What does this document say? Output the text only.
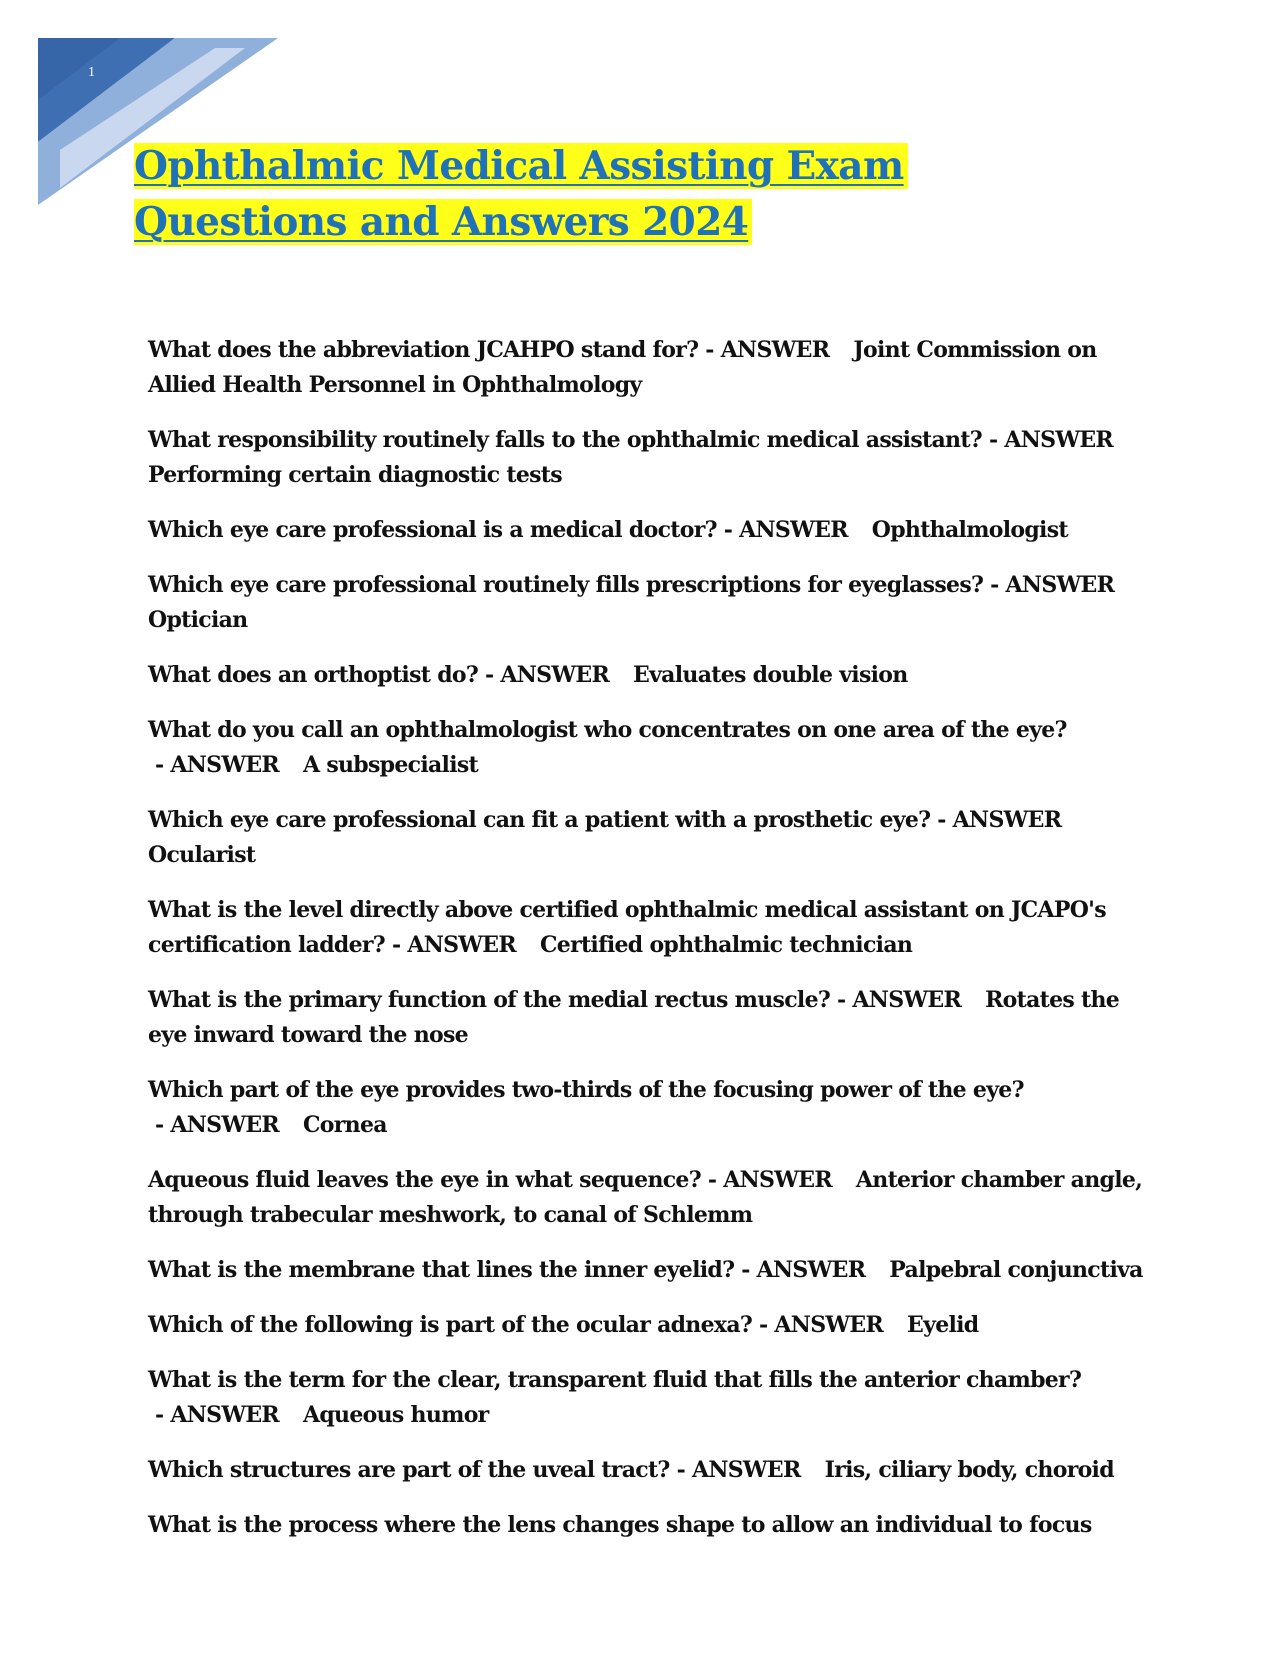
1
Ophthalmic Medical Assisting Exam
Questions and Answers 2024

What does the abbreviation JCAHPO stand for? - ANSWER Joint Commission on Allied Health Personnel in Ophthalmology

What responsibility routinely falls to the ophthalmic medical assistant? - ANSWERPerforming certain diagnostic tests

Which eye care professional is a medical doctor? - ANSWER Ophthalmologist

Which eye care professional routinely fills prescriptions for eyeglasses? - ANSWEROptician

What does an orthoptist do? - ANSWER Evaluates double vision

What do you call an ophthalmologist who concentrates on one area of the eye? - ANSWER A subspecialist

Which eye care professional can fit a patient with a prosthetic eye? - ANSWEROcularist

What is the level directly above certified ophthalmic medical assistant on JCAPO's certification ladder? - ANSWER Certified ophthalmic technician

What is the primary function of the medial rectus muscle? - ANSWER Rotates the eye inward toward the nose

Which part of the eye provides two-thirds of the focusing power of the eye? - ANSWER Cornea

Aqueous fluid leaves the eye in what sequence? - ANSWER Anterior chamber angle, through trabecular meshwork, to canal of Schlemm

What is the membrane that lines the inner eyelid? - ANSWER Palpebral conjunctiva

Which of the following is part of the ocular adnexa? - ANSWER Eyelid

What is the term for the clear, transparent fluid that fills the anterior chamber? - ANSWER Aqueous humor

Which structures are part of the uveal tract? - ANSWER Iris, ciliary body, choroid

What is the process where the lens changes shape to allow an individual to focus
